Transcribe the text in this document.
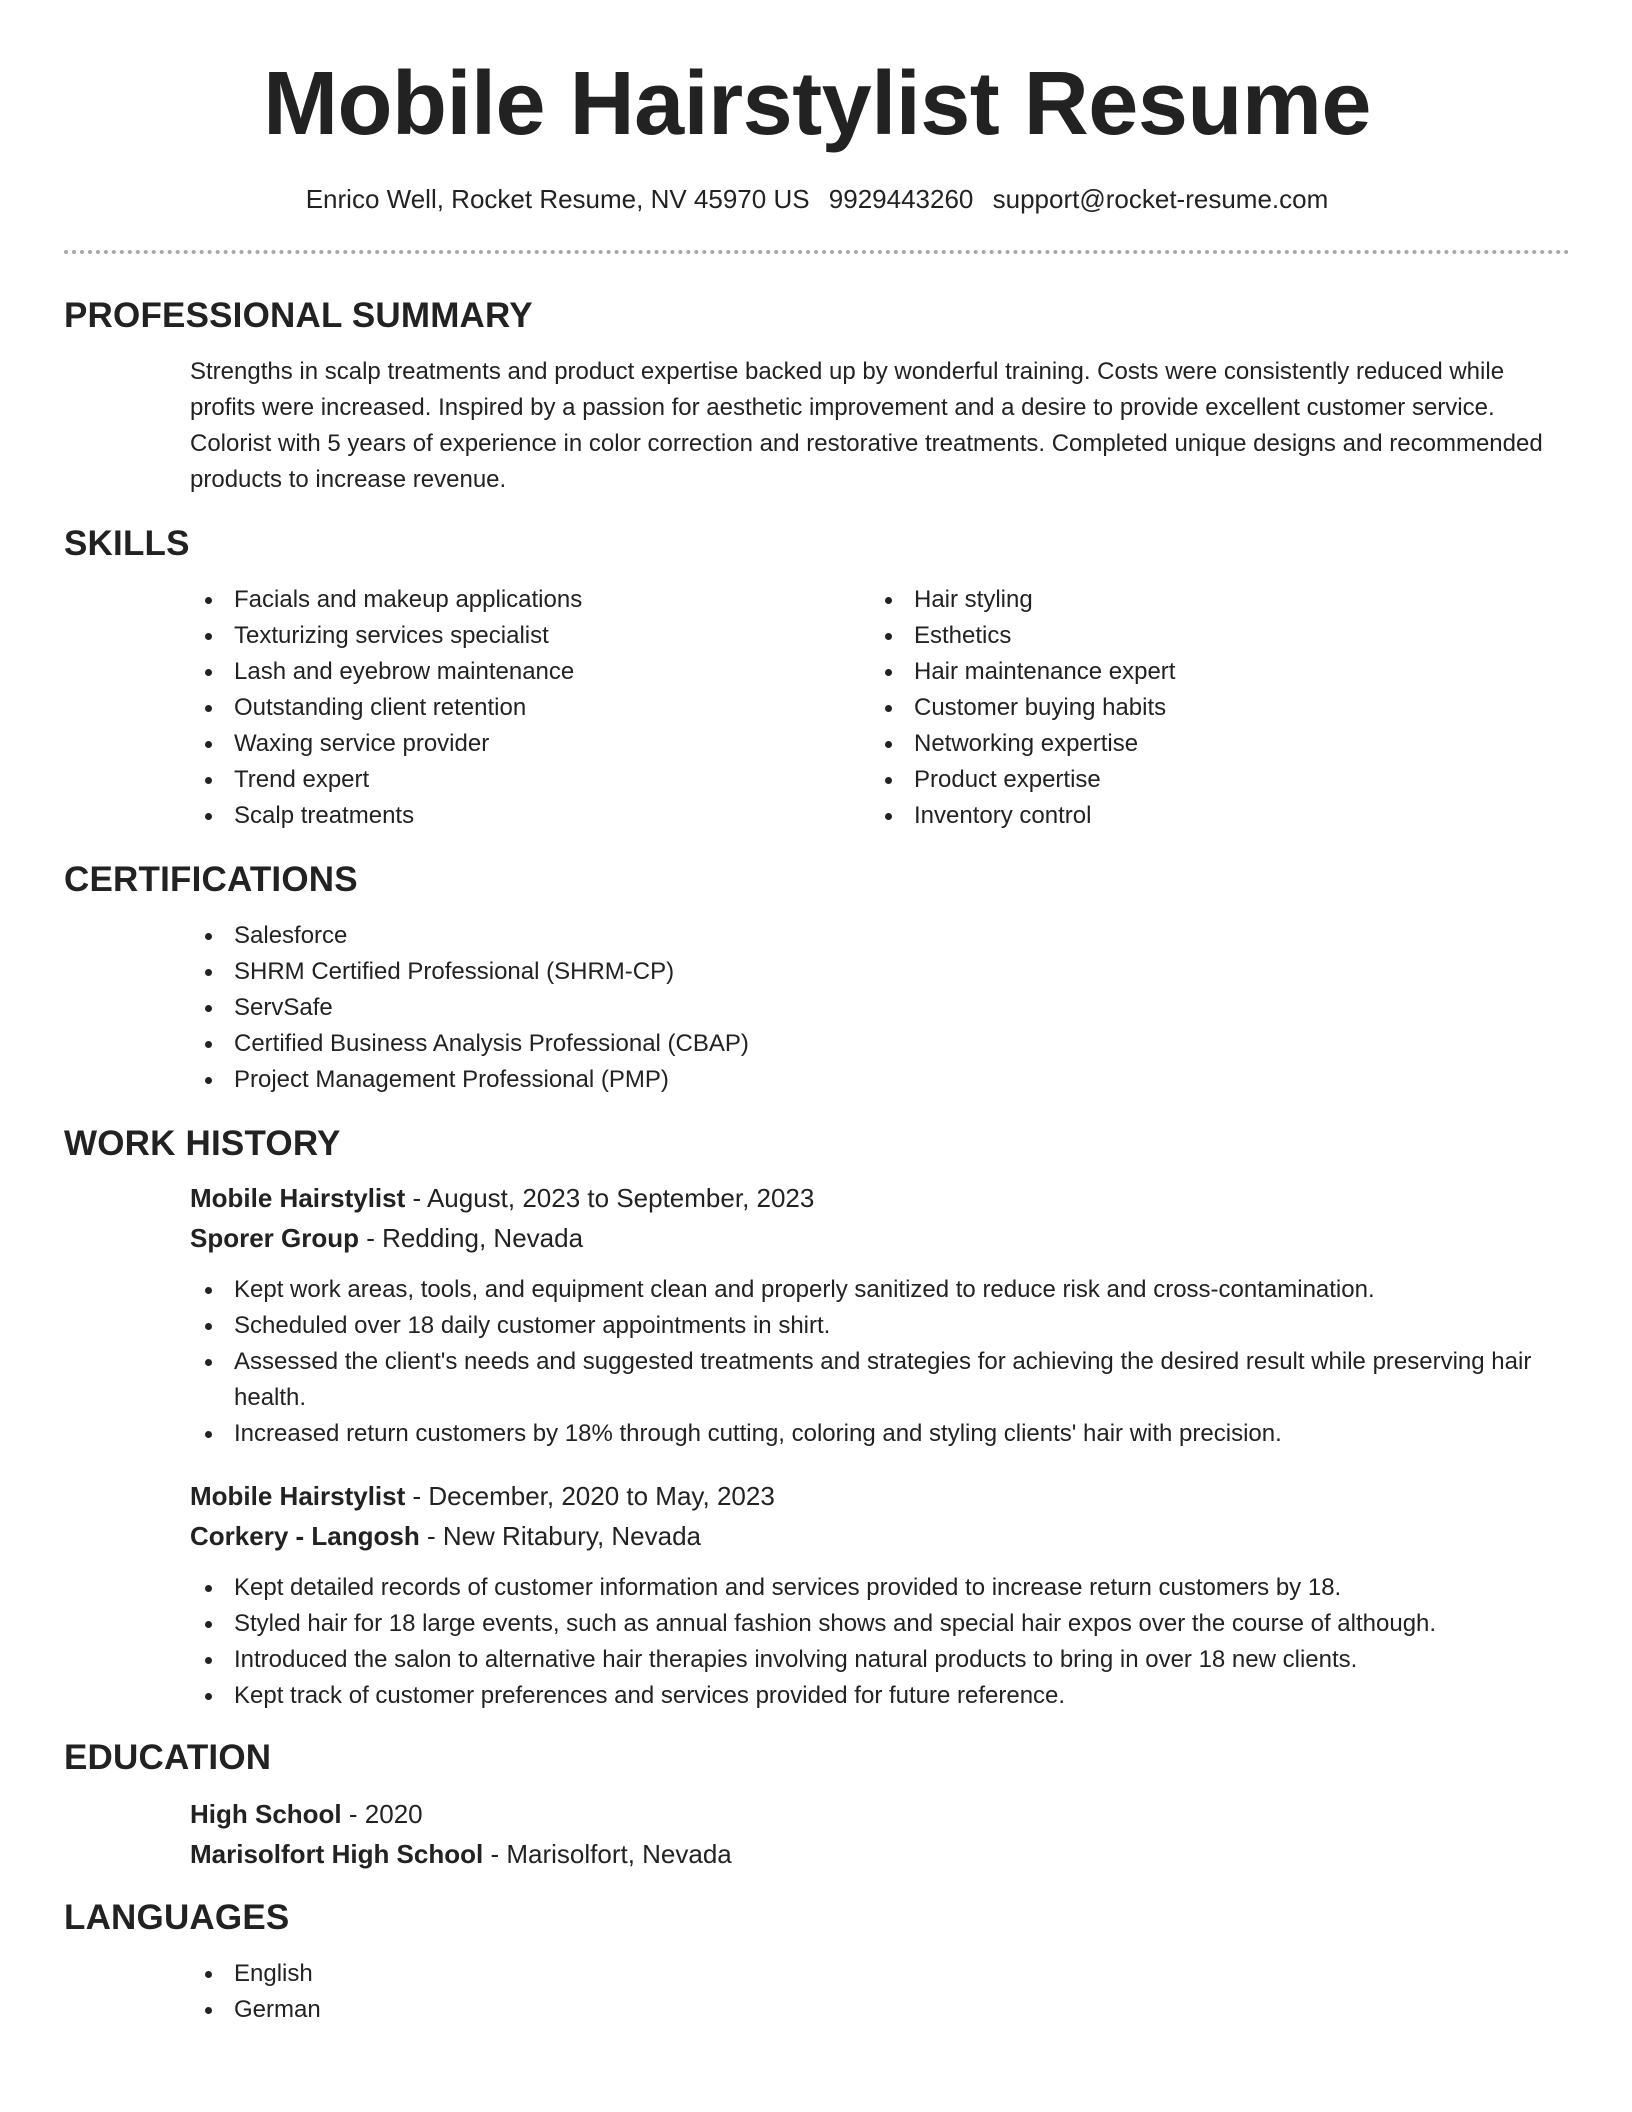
Mobile Hairstylist Resume
Enrico Well, Rocket Resume, NV 45970 US 9929443260 support@rocket-resume.com
PROFESSIONAL SUMMARY

Strengths in scalp treatments and product expertise backed up by wonderful training. Costs were consistently reduced while profits were increased. Inspired by a passion for aesthetic improvement and a desire to provide excellent customer service. Colorist with 5 years of experience in color correction and restorative treatments. Completed unique designs and recommended products to increase revenue.

SKILLS
Facials and makeup applications
Texturizing services specialist
Lash and eyebrow maintenance
Outstanding client retention
Waxing service provider
Trend expert
Scalp treatments
Hair styling
Esthetics
Hair maintenance expert
Customer buying habits
Networking expertise
Product expertise
Inventory control
CERTIFICATIONS
Salesforce
SHRM Certified Professional (SHRM-CP)
ServSafe
Certified Business Analysis Professional (CBAP)
Project Management Professional (PMP)
WORK HISTORY
Mobile Hairstylist - August, 2023 to September, 2023
Sporer Group - Redding, Nevada
Kept work areas, tools, and equipment clean and properly sanitized to reduce risk and cross-contamination.
Scheduled over 18 daily customer appointments in shirt.
Assessed the client's needs and suggested treatments and strategies for achieving the desired result while preserving hair health.
Increased return customers by 18% through cutting, coloring and styling clients' hair with precision.
Mobile Hairstylist - December, 2020 to May, 2023
Corkery - Langosh - New Ritabury, Nevada
Kept detailed records of customer information and services provided to increase return customers by 18.
Styled hair for 18 large events, such as annual fashion shows and special hair expos over the course of although.
Introduced the salon to alternative hair therapies involving natural products to bring in over 18 new clients.
Kept track of customer preferences and services provided for future reference.
EDUCATION
High School - 2020
Marisolfort High School - Marisolfort, Nevada
LANGUAGES
English
German
